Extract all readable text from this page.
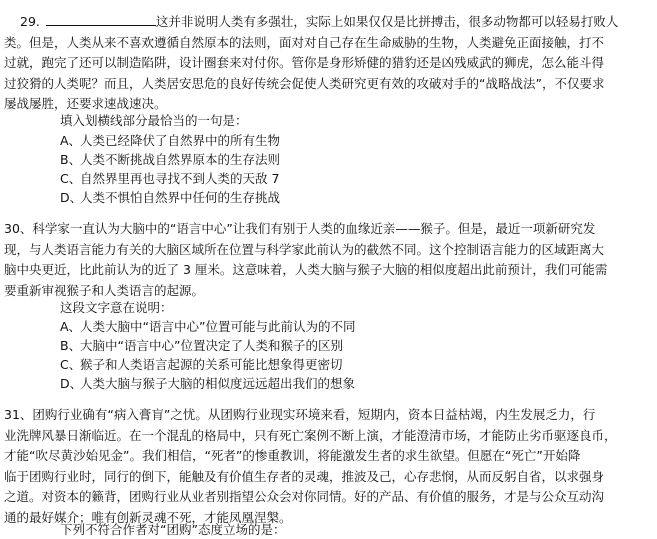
29.	这并非说明人类有多强壮，实际上如果仅仅是比拼搏击，很多动物都可以轻易打败人
类。但是，人类从来不喜欢遵循自然原本的法则，面对对自己存在生命威胁的生物，人类避免正面接触，打不
过就，跑完了还可以制造陷阱，设计圈套来对付你。管你是身形矫健的猎豹还是凶残威武的狮虎，怎么能斗得
过狡猾的人类呢？而且，人类居安思危的良好传统会促使人类研究更有效的攻破对手的“战略战法”，不仅要求
屡战屡胜，还要求速战速决。

填入划横线部分最恰当的一句是：

A、人类已经降伏了自然界中的所有生物

B、人类不断挑战自然界原本的生存法则

C、自然界里再也寻找不到人类的天敌 7

D、人类不惧怕自然界中任何的生存挑战

30、科学家一直认为大脑中的“语言中心”让我们有别于人类的血缘近亲——猴子。但是，最近一项新研究发
现，与人类语言能力有关的大脑区域所在位置与科学家此前认为的截然不同。这个控制语言能力的区域距离大
脑中央更近，比此前认为的近了 3 厘米。这意味着，人类大脑与猴子大脑的相似度超出此前预计，我们可能需
要重新审视猴子和人类语言的起源。

这段文字意在说明：

A、人类大脑中“语言中心”位置可能与此前认为的不同

B、大脑中“语言中心”位置决定了人类和猴子的区别

C、猴子和人类语言起源的关系可能比想象得更密切

D、人类大脑与猴子大脑的相似度远远超出我们的想象

31、团购行业确有“病入膏肓”之忧。从团购行业现实环境来看，短期内，资本日益枯竭，内生发展乏力，行
业洗牌风暴日渐临近。在一个混乱的格局中，只有死亡案例不断上演，才能澄清市场，才能防止劣币驱逐良币，
才能“吹尽黄沙始见金”。我们相信，“死者”的惨重教训，将能激发生者的求生欲望。但愿在“死亡”开始降
临于团购行业时，同行的倒下，能触及有价值生存者的灵魂，推波及己，心存悲悯，从而反躬自省，以求强身
之道。对资本的籁背，团购行业从业者别指望公众会对你同情。好的产品、有价值的服务，才是与公众互动沟
通的最好媒介；唯有创新灵魂不死，才能凤凰涅槃。

下列不符合作者对“团购”态度立场的是：
